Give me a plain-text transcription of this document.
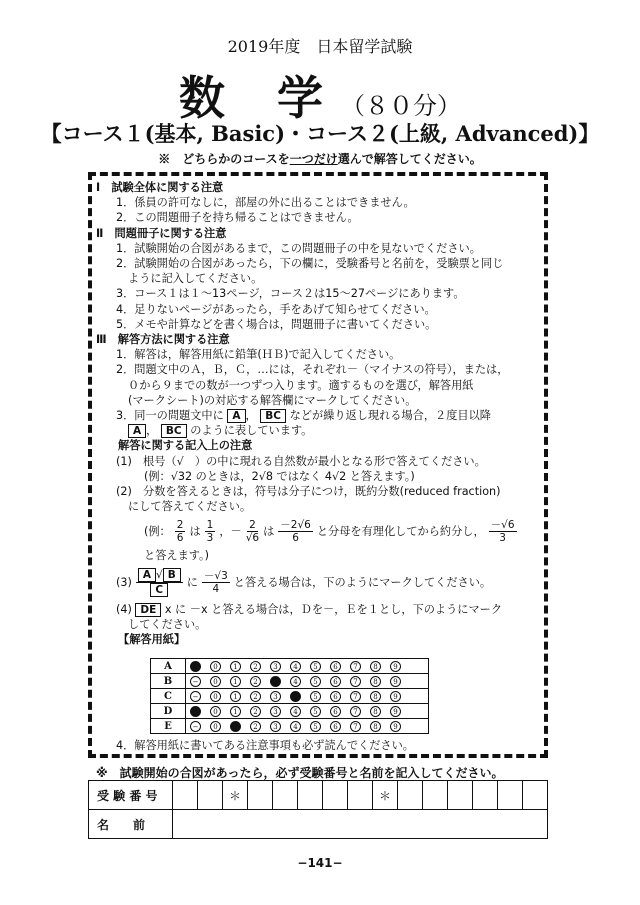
2019年度　日本留学試験
数 学（８０分）
【コース１(基本, Basic)・コース２(上級, Advanced)】
※　どちらかのコースを一つだけ選んで解答してください。
Ⅰ　試験全体に関する注意
1．係員の許可なしに，部屋の外に出ることはできません。
2．この問題冊子を持ち帰ることはできません。
Ⅱ　問題冊子に関する注意
1．試験開始の合図があるまで，この問題冊子の中を見ないでください。
2．試験開始の合図があったら，下の欄に，受験番号と名前を，受験票と同じ
ように記入してください。
3．コース１は１～13ページ，コース２は15～27ページにあります。
4．足りないページがあったら，手をあげて知らせてください。
5．メモや計算などを書く場合は，問題冊子に書いてください。
Ⅲ　解答方法に関する注意
1．解答は，解答用紙に鉛筆(ＨＢ)で記入してください。
2．問題文中のＡ，Ｂ，Ｃ，…には，それぞれ－（マイナスの符号），または，
０から９までの数が一つずつ入ります。適するものを選び，解答用紙
(マークシート)の対応する解答欄にマークしてください。
3．同一の問題文中に A ， BC などが繰り返し現れる場合，２度目以降
A ， BC のように表しています。
解答に関する記入上の注意
(1)　根号（√　）の中に現れる自然数が最小となる形で答えてください。
(例：√32 のときは，2√8 ではなく 4√2 と答えます。)
(2)　分数を答えるときは，符号は分子につけ，既約分数(reduced fraction)
にして答えてください。
(例： $\frac{2}{6}$ は $\frac{1}{3}$ ，－ $\frac{2}{√6}$ は $\frac{-2√6}{6}$ と分母を有理化してから約分し， $\frac{-√6}{3}$
と答えます。)
$(3) \frac{A √ B}{C}$ に $\frac{-√3}{4}$ と答える場合は，下のようにマークしてください。
(4) DE x に －x と答える場合は，Ｄを－，Ｅを１とし，下のようにマーク
してください。
【解答用紙】
A	− 0 1 2 3 4 5 6 7 8 9
B	− 0 1 2 3 4 5 6 7 8 9
C	− 0 1 2 3 4 5 6 7 8 9
D	− 0 1 2 3 4 5 6 7 8 9
E	− 0 1 2 3 4 5 6 7 8 9
4．解答用紙に書いてある注意事項も必ず読んでください。
※　試験開始の合図があったら，必ず受験番号と名前を記入してください。
受 験 番 号			＊						＊						
名　　前															
−141−
